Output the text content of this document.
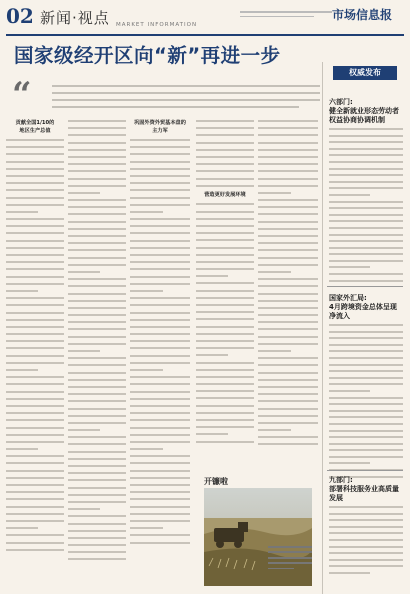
02 新闻·视点 MARKET INFORMATION
市场信息报
国家级经开区向“新”再进一步
“
贡献全国1/10的
地区生产总值
巩固外资外贸基本盘的
主力军
营造更好发展环境
开镰啦
权威发布
六部门:
健全新就业形态劳动者权益协商协调机制
国家外汇局:
4月跨境资金总体呈现净流入
九部门:
部署科技服务业高质量发展
